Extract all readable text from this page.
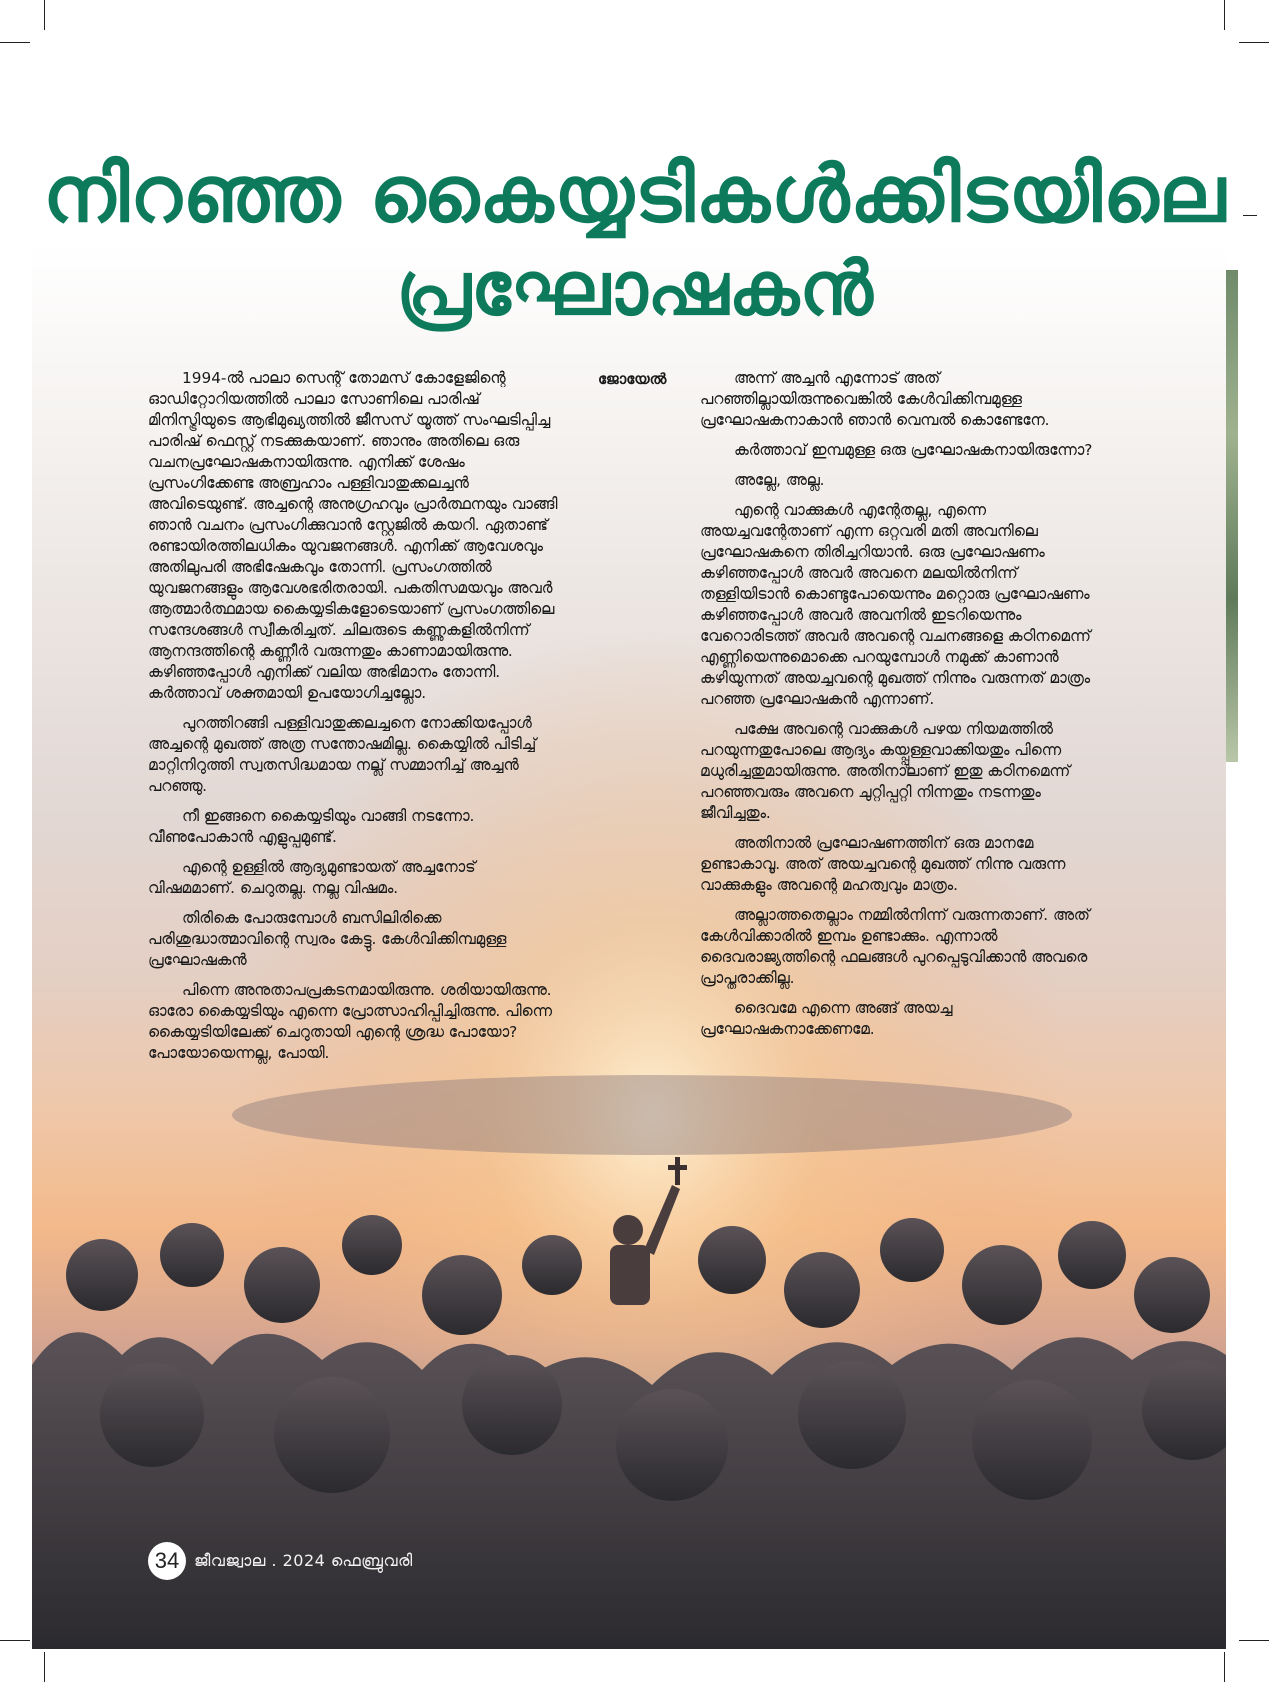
നിറഞ്ഞ കൈയ്യടികൾക്കിടയിലെ
പ്രഘോഷകൻ
ജോയേൽ

1994-ൽ പാലാ സെന്റ് തോമസ് കോളേജിന്റെ ഓഡിറ്റോറിയത്തിൽ പാലാ സോണിലെ പാരിഷ് മിനിസ്ട്രിയുടെ ആഭിമുഖ്യത്തിൽ ജീസസ് യൂത്ത് സംഘടിപ്പിച്ച പാരിഷ് ഫെസ്റ്റ് നടക്കുകയാണ്. ഞാനും അതിലെ ഒരു വചനപ്രഘോഷകനായിരുന്നു. എനിക്ക് ശേഷം പ്രസംഗിക്കേണ്ട അബ്രഹാം പള്ളിവാതുക്കലച്ചൻ അവിടെയുണ്ട്. അച്ചന്റെ അനുഗ്രഹവും പ്രാർത്ഥനയും വാങ്ങി ഞാൻ വചനം പ്രസംഗിക്കുവാൻ സ്റ്റേജിൽ കയറി. ഏതാണ്ട് രണ്ടായിരത്തിലധികം യുവജനങ്ങൾ. എനിക്ക് ആവേശവും അതിലുപരി അഭിഷേകവും തോന്നി. പ്രസംഗത്തിൽ യുവജനങ്ങളും ആവേശഭരിതരായി. പകതിസമയവും അവർ ആത്മാർത്ഥമായ കൈയ്യടികളോടെയാണ് പ്രസംഗത്തിലെ സന്ദേശങ്ങൾ സ്വീകരിച്ചത്. ചിലരുടെ കണ്ണുകളിൽനിന്ന് ആനന്ദത്തിന്റെ കണ്ണീർ വരുന്നതും കാണാമായിരുന്നു. കഴിഞ്ഞപ്പോൾ എനിക്ക് വലിയ അഭിമാനം തോന്നി. കർത്താവ് ശക്തമായി ഉപയോഗിച്ചല്ലോ.

പുറത്തിറങ്ങി പള്ളിവാതുക്കലച്ചനെ നോക്കിയപ്പോൾ അച്ചന്റെ മുഖത്ത് അത്ര സന്തോഷമില്ല. കൈയ്യിൽ പിടിച്ച് മാറ്റിനിറുത്തി സ്വതസിദ്ധമായ നല്ല് സമ്മാനിച്ച് അച്ചൻ പറഞ്ഞു.

നീ ഇങ്ങനെ കൈയ്യടിയും വാങ്ങി നടന്നോ. വീണുപോകാൻ എളുപ്പമുണ്ട്.

എന്റെ ഉള്ളിൽ ആദ്യമുണ്ടായത് അച്ചനോട് വിഷമമാണ്. ചെറുതല്ല. നല്ല വിഷമം.

തിരികെ പോരുമ്പോൾ ബസിലിരിക്കെ പരിശുദ്ധാത്മാവിന്റെ സ്വരം കേട്ടു. കേൾവിക്കിമ്പമുള്ള പ്രഘോഷകൻ

പിന്നെ അനുതാപപ്രകടനമായിരുന്നു. ശരിയായിരുന്നു. ഓരോ കൈയ്യടിയും എന്നെ പ്രോത്സാഹിപ്പിച്ചിരുന്നു. പിന്നെ കൈയ്യടിയിലേക്ക് ചെറുതായി എന്റെ ശ്രദ്ധ പോയോ? പോയോയെന്നല്ല, പോയി.

അന്ന് അച്ചൻ എന്നോട് അത് പറഞ്ഞില്ലായിരുന്നുവെങ്കിൽ കേൾവിക്കിമ്പമുള്ള പ്രഘോഷകനാകാൻ ഞാൻ വെമ്പൽ കൊണ്ടേനേ.

കർത്താവ് ഇമ്പമുള്ള ഒരു പ്രഘോഷകനായിരുന്നോ?

അല്ലേ, അല്ല.

എന്റെ വാക്കുകൾ എന്റേതല്ല, എന്നെ അയച്ചവന്റേതാണ് എന്ന ഒറ്റവരി മതി അവനിലെ പ്രഘോഷകനെ തിരിച്ചറിയാൻ. ഒരു പ്രഘോഷണം കഴിഞ്ഞപ്പോൾ അവർ അവനെ മലയിൽനിന്ന് തള്ളിയിടാൻ കൊണ്ടുപോയെന്നും മറ്റൊരു പ്രഘോഷണം കഴിഞ്ഞപ്പോൾ അവർ അവനിൽ ഇടറിയെന്നും വേറൊരിടത്ത് അവർ അവന്റെ വചനങ്ങളെ കഠിനമെന്ന് എണ്ണിയെന്നുമൊക്കെ പറയുമ്പോൾ നമുക്ക് കാണാൻ കഴിയുന്നത് അയച്ചവന്റെ മുഖത്ത് നിന്നും വരുന്നത് മാത്രം പറഞ്ഞ പ്രഘോഷകൻ എന്നാണ്.

പക്ഷേ അവന്റെ വാക്കുകൾ പഴയ നിയമത്തിൽ പറയുന്നതുപോലെ ആദ്യം കയ്പ്പുള്ളവാക്കിയതും പിന്നെ മധുരിച്ചതുമായിരുന്നു. അതിനാലാണ് ഇതു കഠിനമെന്ന് പറഞ്ഞവരും അവനെ ചുറ്റിപ്പറ്റി നിന്നതും നടന്നതും ജീവിച്ചതും.

അതിനാൽ പ്രഘോഷണത്തിന് ഒരു മാനമേ ഉണ്ടാകാവൂ. അത് അയച്ചവന്റെ മുഖത്ത് നിന്നു വരുന്ന വാക്കുകളും അവന്റെ മഹത്വവും മാത്രം.

അല്ലാത്തതെല്ലാം നമ്മിൽനിന്ന് വരുന്നതാണ്. അത് കേൾവിക്കാരിൽ ഇമ്പം ഉണ്ടാക്കും. എന്നാൽ ദൈവരാജ്യത്തിന്റെ ഫലങ്ങൾ പുറപ്പെടുവിക്കാൻ അവരെ പ്രാപ്തരാക്കില്ല.

ദൈവമേ എന്നെ അങ്ങ് അയച്ച പ്രഘോഷകനാക്കേണമേ.

34 ജീവജ്വാല . 2024 ഫെബ്രുവരി
